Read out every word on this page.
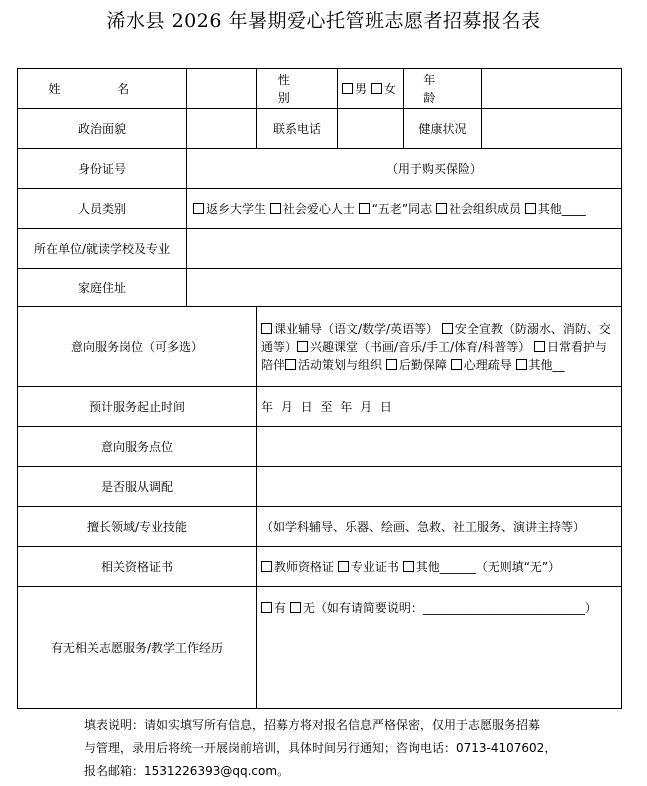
浠水县 2026 年暑期爱心托管班志愿者招募报名表
姓 名		性 别	男 女	年 龄	
政治面貌		联系电话		健康状况	
身份证号	（用于购买保险）				
人员类别	返乡大学生 社会爱心人士 “五老”同志 社会组织成员 其他____				
所在单位/就读学校及专业					
家庭住址					
意向服务岗位（可多选）		课业辅导（语文/数学/英语等） 安全宣教（防溺水、消防、交通等） 兴趣课堂（书画/音乐/手工/体育/科普等） 日常看护与陪伴 活动策划与组织 后勤保障 心理疏导 其他__			
预计服务起止时间		年 月 日 至 年 月 日			
意向服务点位					
是否服从调配					
擅长领域/专业技能		（如学科辅导、乐器、绘画、急救、社工服务、演讲主持等）			
相关资格证书		教师资格证 专业证书 其他______（无则填“无”）			
有无相关志愿服务/教学工作经历		有 无（如有请简要说明：___________________________）			
填表说明：请如实填写所有信息，招募方将对报名信息严格保密，仅用于志愿服务招募
与管理，录用后将统一开展岗前培训，具体时间另行通知；咨询电话：0713-4107602，
报名邮箱：1531226393@qq.com。
